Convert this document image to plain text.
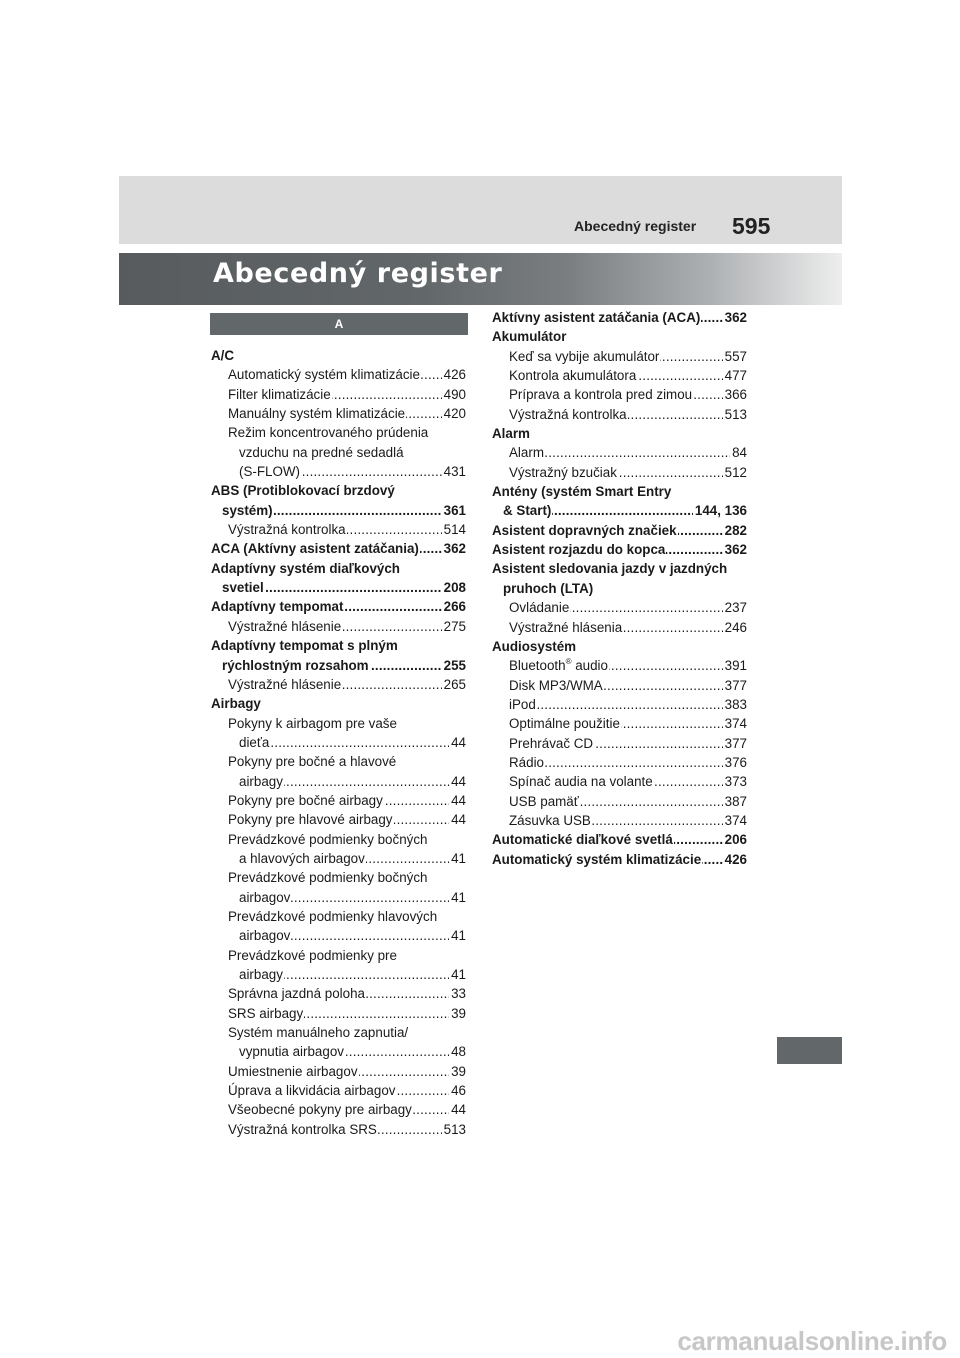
Abecedný register 595
Abecedný register
A
A/C
..... Automatický systém klimatizácie 426
..... Filter klimatizácie	490
..... Manuálny systém klimatizácie	420
Režim koncentrovaného prúdenia
vzduchu na predné sedadlá
..... (S-FLOW)	431
ABS (Protiblokovací brzdový
..... systém)	361
..... Výstražná kontrolka	514
..... ACA (Aktívny asistent zatáčania) 362
Adaptívny systém diaľkových
..... svetiel	208
..... Adaptívny tempomat	266
..... Výstražné hlásenie	275
Adaptívny tempomat s plným
..... rýchlostným rozsahom	255
..... Výstražné hlásenie	265
Airbagy
Pokyny k airbagom pre vaše
..... dieťa	44
Pokyny pre bočné a hlavové
..... airbagy	44
..... Pokyny pre bočné airbagy	44
..... Pokyny pre hlavové airbagy	44
Prevádzkové podmienky bočných
..... a hlavových airbagov	41
Prevádzkové podmienky bočných
..... airbagov	41
Prevádzkové podmienky hlavových
..... airbagov	41
Prevádzkové podmienky pre
..... airbagy	41
..... Správna jazdná poloha	33
..... SRS airbagy	39
Systém manuálneho zapnutia/
..... vypnutia airbagov	48
..... Umiestnenie airbagov	39
..... Úprava a likvidácia airbagov	46
..... Všeobecné pokyny pre airbagy	44
..... Výstražná kontrolka SRS	513
..... Aktívny asistent zatáčania (ACA) 362
Akumulátor
..... Keď sa vybije akumulátor	557
..... Kontrola akumulátora	477
..... Príprava a kontrola pred zimou 366
..... Výstražná kontrolka	513
Alarm
..... Alarm	84
..... Výstražný bzučiak	512
Antény (systém Smart Entry
..... & Start)	144, 136
..... Asistent dopravných značiek	282
..... Asistent rozjazdu do kopca	362
Asistent sledovania jazdy v jazdných
pruhoch (LTA)
..... Ovládanie	237
..... Výstražné hlásenia	246
Audiosystém
..... Bluetooth® audio	391
..... Disk MP3/WMA	377
..... iPod	383
..... Optimálne použitie	374
..... Prehrávač CD	377
..... Rádio	376
..... Spínač audia na volante	373
..... USB pamäť	387
..... Zásuvka USB	374
..... Automatické diaľkové svetlá	206
..... Automatický systém klimatizácie 426
carmanualsonline.info
